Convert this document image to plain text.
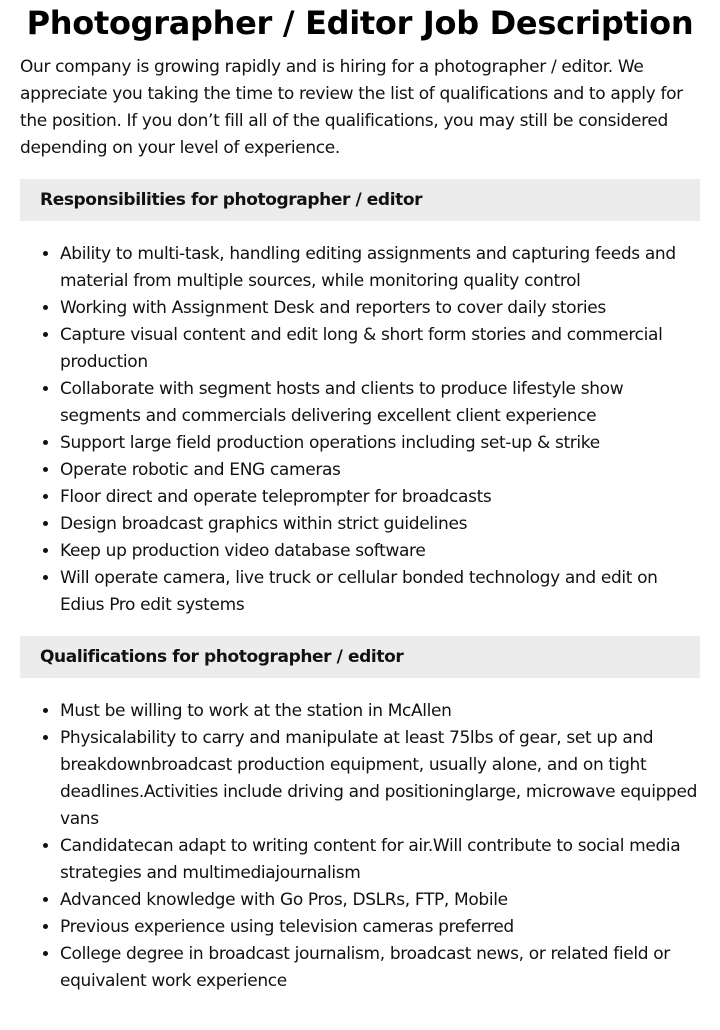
Photographer / Editor Job Description

Our company is growing rapidly and is hiring for a photographer / editor. We appreciate you taking the time to review the list of qualifications and to apply for the position. If you don’t fill all of the qualifications, you may still be considered depending on your level of experience.

Responsibilities for photographer / editor
• Ability to multi-task, handling editing assignments and capturing feeds and material from multiple sources, while monitoring quality control
• Working with Assignment Desk and reporters to cover daily stories
• Capture visual content and edit long & short form stories and commercial production
• Collaborate with segment hosts and clients to produce lifestyle show segments and commercials delivering excellent client experience
• Support large field production operations including set-up & strike
• Operate robotic and ENG cameras
• Floor direct and operate teleprompter for broadcasts
• Design broadcast graphics within strict guidelines
• Keep up production video database software
• Will operate camera, live truck or cellular bonded technology and edit on Edius Pro edit systems
Qualifications for photographer / editor
• Must be willing to work at the station in McAllen
• Physicalability to carry and manipulate at least 75lbs of gear, set up and breakdownbroadcast production equipment, usually alone, and on tight deadlines.Activities include driving and positioninglarge, microwave equipped vans
• Candidatecan adapt to writing content for air.Will contribute to social media strategies and multimediajournalism
• Advanced knowledge with Go Pros, DSLRs, FTP, Mobile
• Previous experience using television cameras preferred
• College degree in broadcast journalism, broadcast news, or related field or equivalent work experience
